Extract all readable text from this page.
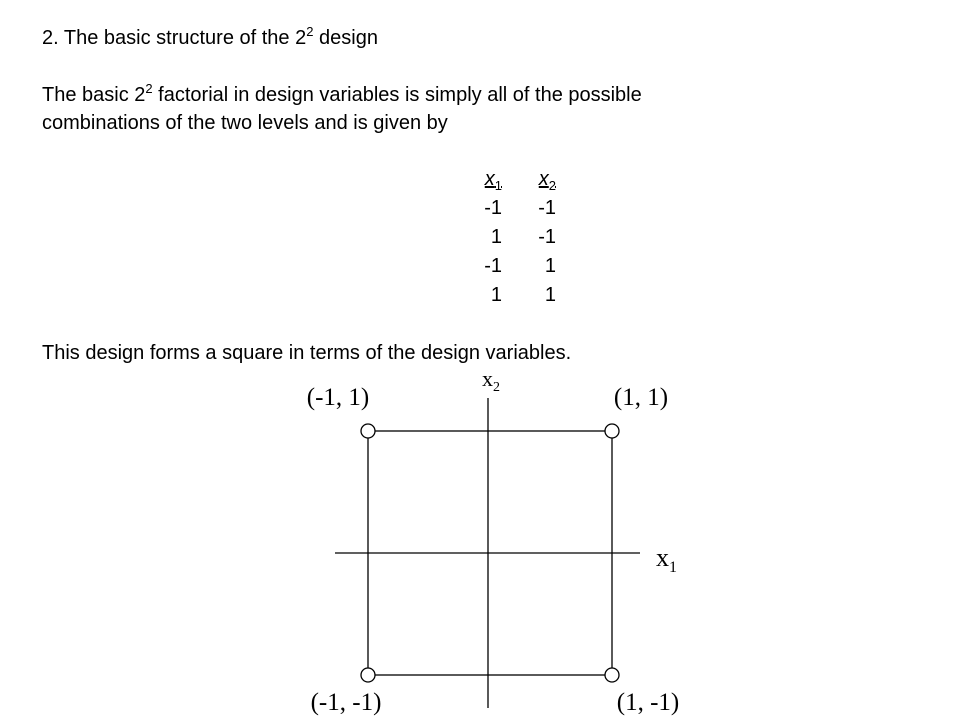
2. The basic structure of the $2^2$ design

The basic $2^2$ factorial in design variables is simply all of the possible

combinations of the two levels and is given by

This design forms a square in terms of the design variables.

(-1, 1)	(1, 1)
(-1, -1)	(1, -1)
$x_1$
$x_2$
$x_1$	$x_2$
-1	-1
1	-1
-1	1
1	1
